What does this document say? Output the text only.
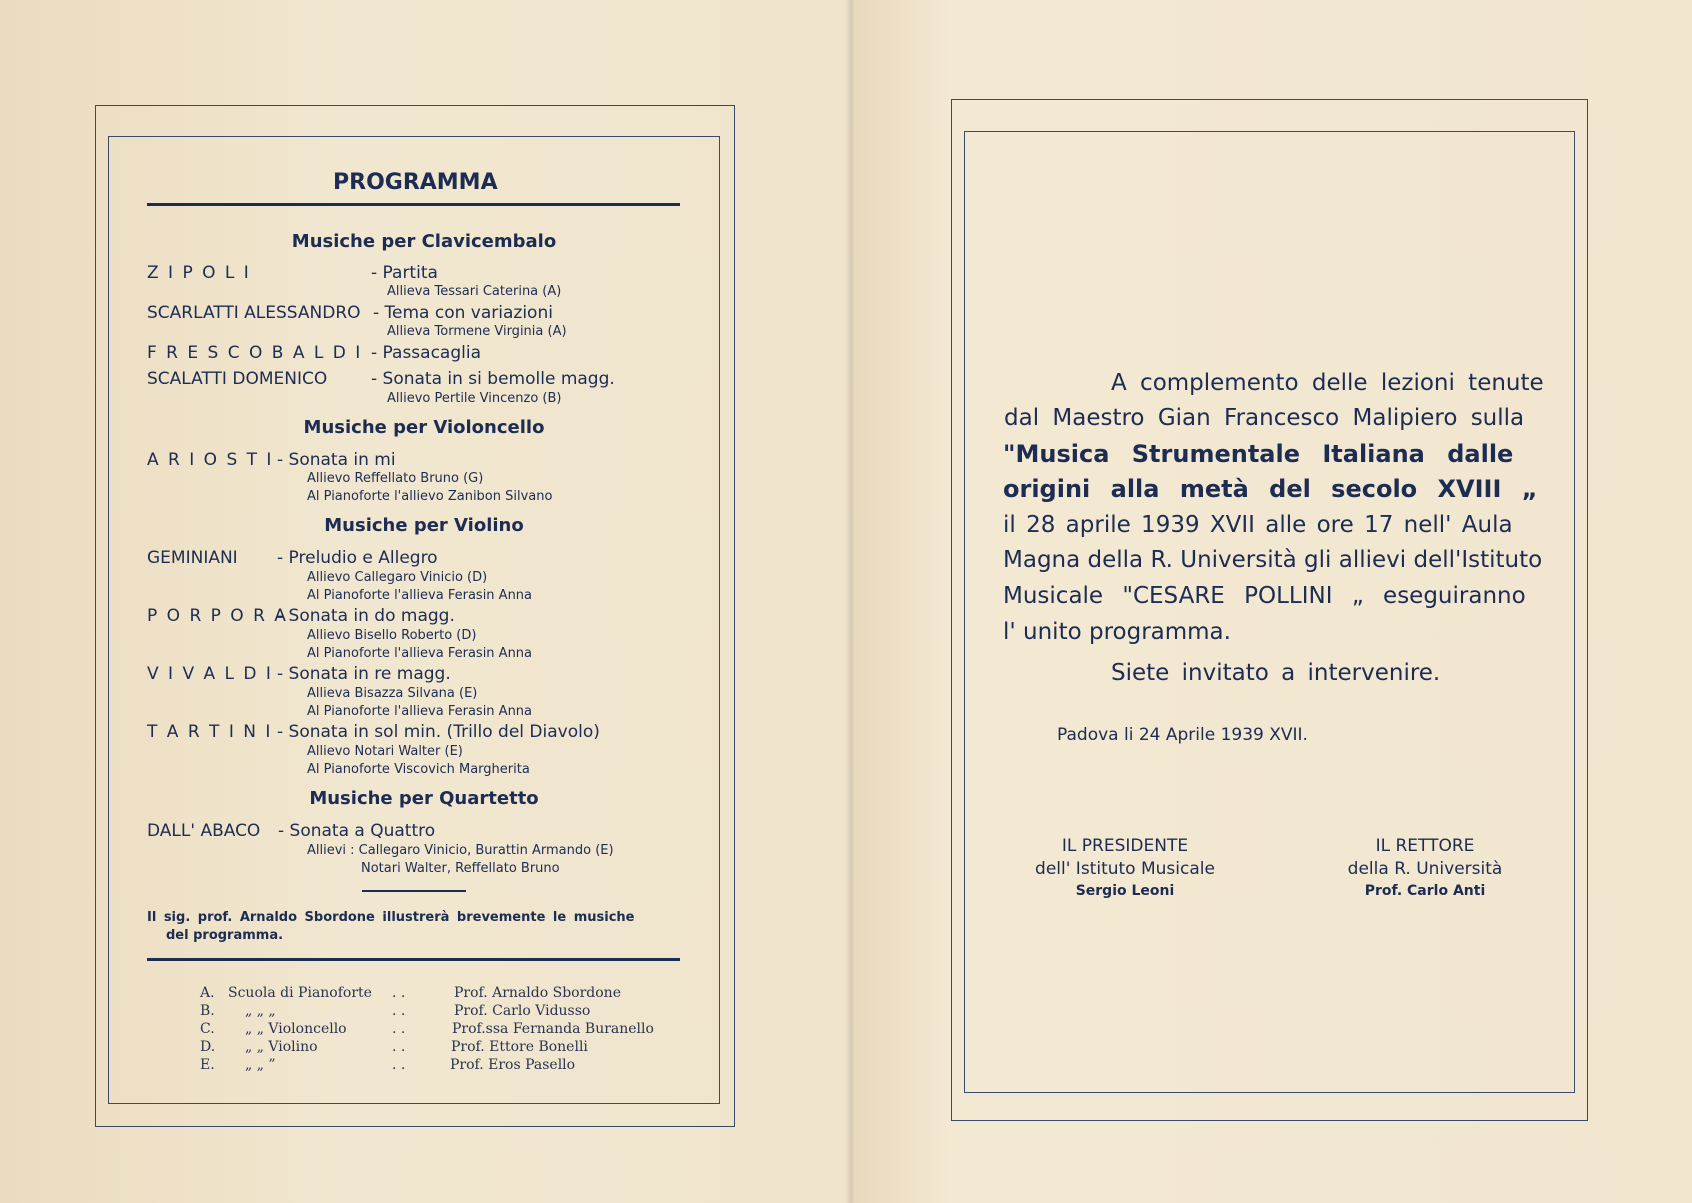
PROGRAMMA
Musiche per Clavicembalo
Z I P O L I	- Partita
Allieva Tessari Caterina (A)
SCARLATTI ALESSANDRO - Tema con variazioni
Allieva Tormene Virginia (A)
F R E S C O B A L D I - Passacaglia
SCALATTI DOMENICO	- Sonata in si bemolle magg.
Allievo Pertile Vincenzo (B)
Musiche per Violoncello
A R I O S T I - Sonata in mi
Allievo Reffellato Bruno (G)
Al Pianoforte l'allievo Zanibon Silvano
Musiche per Violino
GEMINIANI - Preludio e Allegro
Allievo Callegaro Vinicio (D)
Al Pianoforte l'allieva Ferasin Anna
P O R P O R A
- Sonata in do magg.
Allievo Bisello Roberto (D)
Al Pianoforte l'allieva Ferasin Anna
V I V A L D I - Sonata in re magg.
Allieva Bisazza Silvana (E)
Al Pianoforte l'allieva Ferasin Anna
T A R T I N I - Sonata in sol min. (Trillo del Diavolo)
Allievo Notari Walter (E)
Al Pianoforte Viscovich Margherita
Musiche per Quartetto
DALL' ABACO - Sonata a Quattro
Allievi : Callegaro Vinicio, Burattin Armando (E)
Notari Walter, Reffellato Bruno
Il sig. prof. Arnaldo Sbordone illustrerà brevemente le musiche
del programma.
A. Scuola di Pianoforte . .	Prof. Arnaldo Sbordone
B. „ „ „	. .	Prof. Carlo Vidusso
C. „ „ Violoncello	. .	Prof.ssa Fernanda Buranello
D. „ „ Violino	. .	Prof. Ettore Bonelli
E. „ „ ”	. .	Prof. Eros Pasello
A complemento delle lezioni tenute
dal Maestro Gian Francesco Malipiero sulla
"Musica Strumentale Italiana dalle
origini alla metà del secolo XVIII „
il 28 aprile 1939 XVII alle ore 17 nell' Aula
Magna della R. Università gli allievi dell'Istituto
Musicale "CESARE POLLINI „ eseguiranno
l' unito programma.
Siete invitato a intervenire.
Padova li 24 Aprile 1939 XVII.
IL PRESIDENTE
dell' Istituto Musicale
Sergio Leoni
IL RETTORE
della R. Università
Prof. Carlo Anti
